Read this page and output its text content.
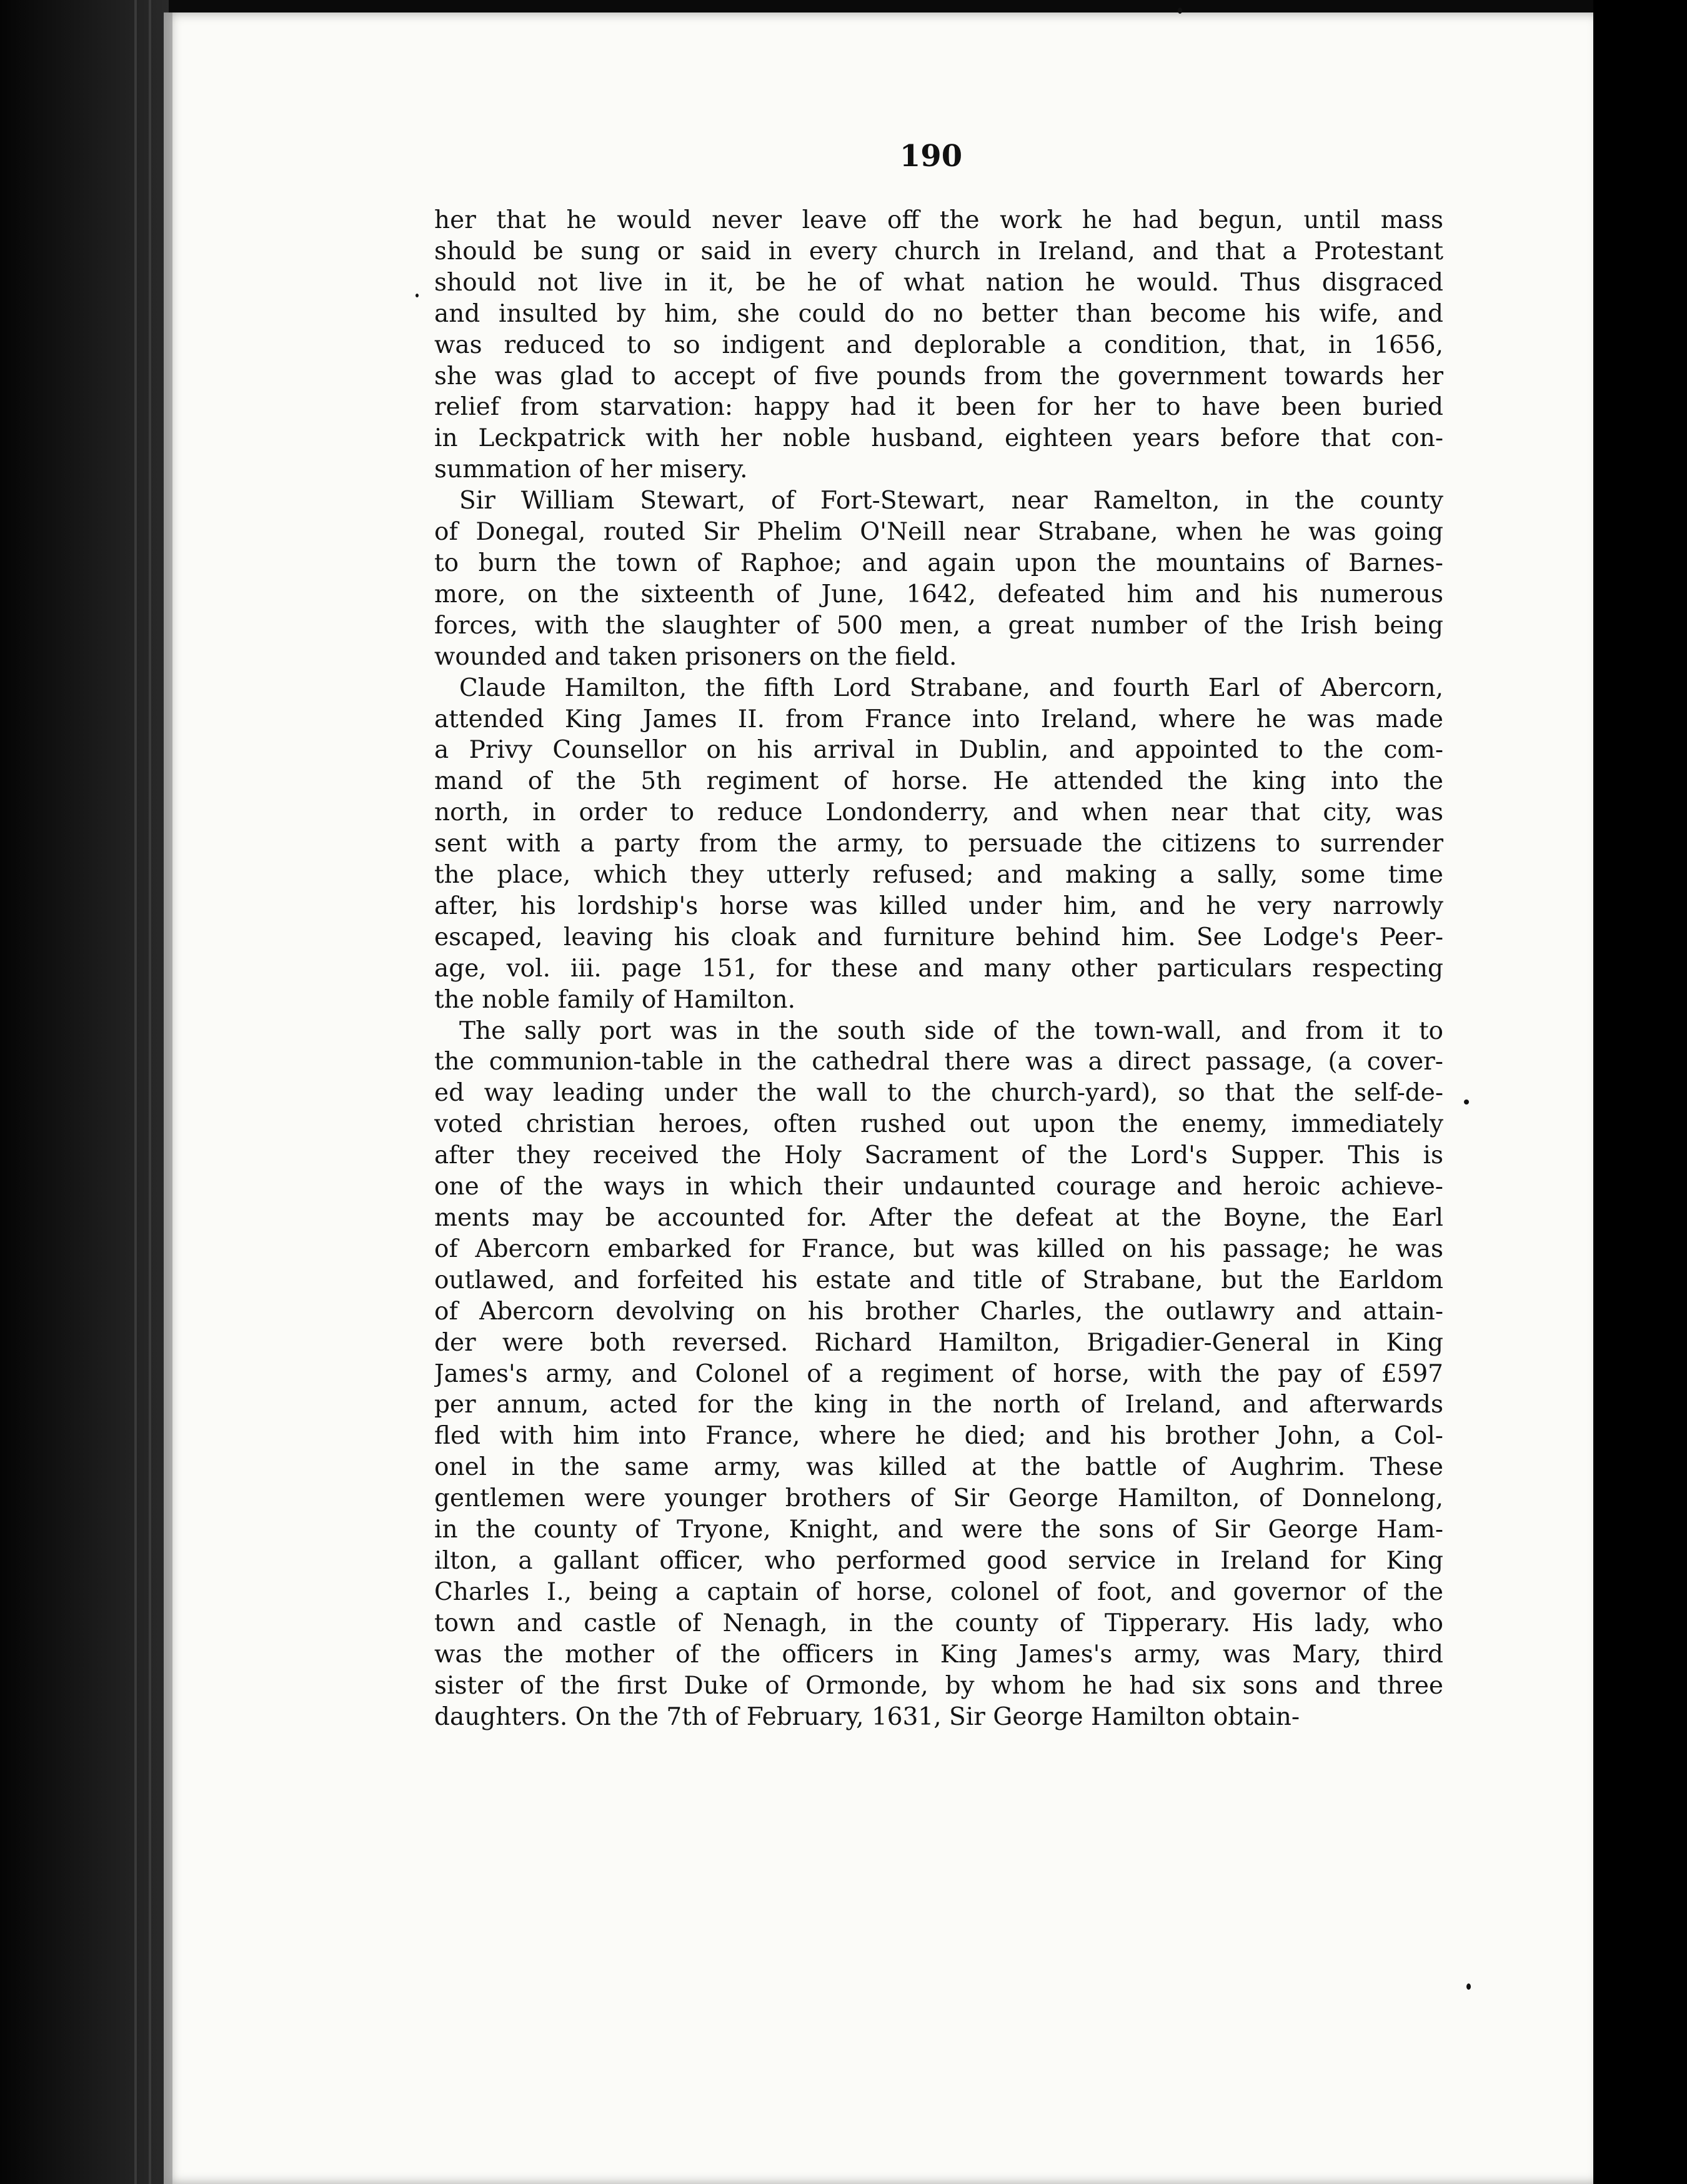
190
her that he would never leave off the work he had begun, until mass
should be sung or said in every church in Ireland, and that a Protestant
should not live in it, be he of what nation he would. Thus disgraced
and insulted by him, she could do no better than become his wife, and
was reduced to so indigent and deplorable a condition, that, in 1656,
she was glad to accept of five pounds from the government towards her
relief from starvation: happy had it been for her to have been buried
in Leckpatrick with her noble husband, eighteen years before that con-
summation of her misery.
Sir William Stewart, of Fort-Stewart, near Ramelton, in the county
of Donegal, routed Sir Phelim O'Neill near Strabane, when he was going
to burn the town of Raphoe; and again upon the mountains of Barnes-
more, on the sixteenth of June, 1642, defeated him and his numerous
forces, with the slaughter of 500 men, a great number of the Irish being
wounded and taken prisoners on the field.
Claude Hamilton, the fifth Lord Strabane, and fourth Earl of Abercorn,
attended King James II. from France into Ireland, where he was made
a Privy Counsellor on his arrival in Dublin, and appointed to the com-
mand of the 5th regiment of horse. He attended the king into the
north, in order to reduce Londonderry, and when near that city, was
sent with a party from the army, to persuade the citizens to surrender
the place, which they utterly refused; and making a sally, some time
after, his lordship's horse was killed under him, and he very narrowly
escaped, leaving his cloak and furniture behind him. See Lodge's Peer-
age, vol. iii. page 151, for these and many other particulars respecting
the noble family of Hamilton.
The sally port was in the south side of the town-wall, and from it to
the communion-table in the cathedral there was a direct passage, (a cover-
ed way leading under the wall to the church-yard), so that the self-de-
voted christian heroes, often rushed out upon the enemy, immediately
after they received the Holy Sacrament of the Lord's Supper. This is
one of the ways in which their undaunted courage and heroic achieve-
ments may be accounted for. After the defeat at the Boyne, the Earl
of Abercorn embarked for France, but was killed on his passage; he was
outlawed, and forfeited his estate and title of Strabane, but the Earldom
of Abercorn devolving on his brother Charles, the outlawry and attain-
der were both reversed. Richard Hamilton, Brigadier-General in King
James's army, and Colonel of a regiment of horse, with the pay of £597
per annum, acted for the king in the north of Ireland, and afterwards
fled with him into France, where he died; and his brother John, a Col-
onel in the same army, was killed at the battle of Aughrim. These
gentlemen were younger brothers of Sir George Hamilton, of Donnelong,
in the county of Tryone, Knight, and were the sons of Sir George Ham-
ilton, a gallant officer, who performed good service in Ireland for King
Charles I., being a captain of horse, colonel of foot, and governor of the
town and castle of Nenagh, in the county of Tipperary. His lady, who
was the mother of the officers in King James's army, was Mary, third
sister of the first Duke of Ormonde, by whom he had six sons and three
daughters. On the 7th of February, 1631, Sir George Hamilton obtain-
